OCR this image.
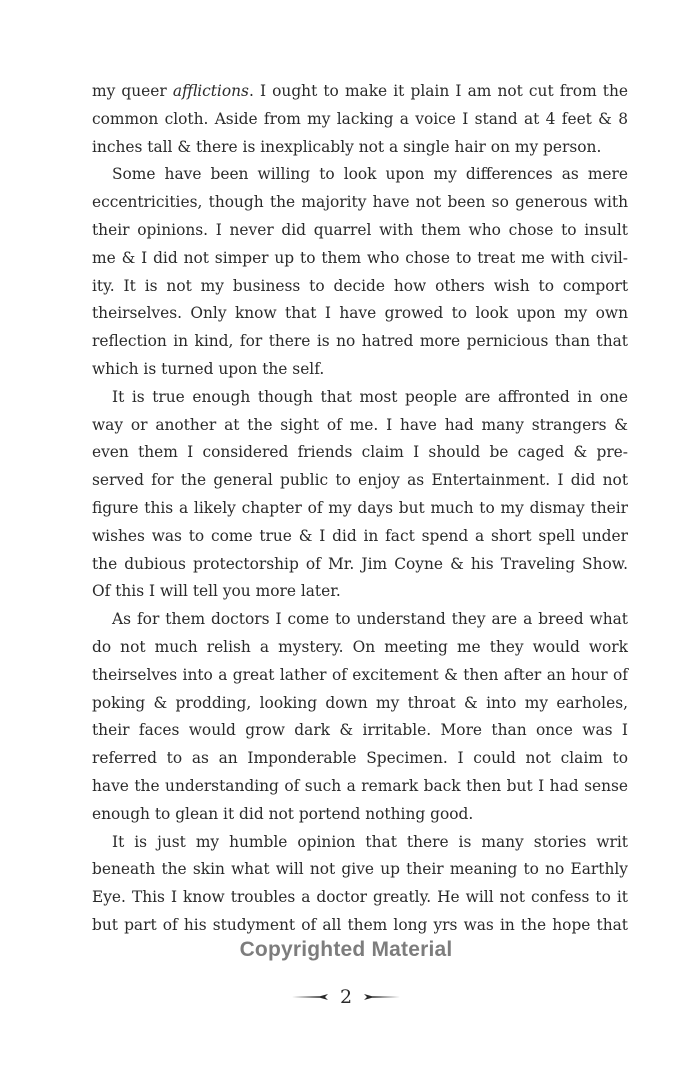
my queer afflictions. I ought to make it plain I am not cut from the
common cloth. Aside from my lacking a voice I stand at 4 feet & 8
inches tall & there is inexplicably not a single hair on my person.
Some have been willing to look upon my differences as mere
eccentricities, though the majority have not been so generous with
their opinions. I never did quarrel with them who chose to insult
me & I did not simper up to them who chose to treat me with civil-
ity. It is not my business to decide how others wish to comport
theirselves. Only know that I have growed to look upon my own
reflection in kind, for there is no hatred more pernicious than that
which is turned upon the self.
It is true enough though that most people are affronted in one
way or another at the sight of me. I have had many strangers &
even them I considered friends claim I should be caged & pre-
served for the general public to enjoy as Entertainment. I did not
figure this a likely chapter of my days but much to my dismay their
wishes was to come true & I did in fact spend a short spell under
the dubious protectorship of Mr. Jim Coyne & his Traveling Show.
Of this I will tell you more later.
As for them doctors I come to understand they are a breed what
do not much relish a mystery. On meeting me they would work
theirselves into a great lather of excitement & then after an hour of
poking & prodding, looking down my throat & into my earholes,
their faces would grow dark & irritable. More than once was I
referred to as an Imponderable Specimen. I could not claim to
have the understanding of such a remark back then but I had sense
enough to glean it did not portend nothing good.
It is just my humble opinion that there is many stories writ
beneath the skin what will not give up their meaning to no Earthly
Eye. This I know troubles a doctor greatly. He will not confess to it
but part of his studyment of all them long yrs was in the hope that
Copyrighted Material
2
